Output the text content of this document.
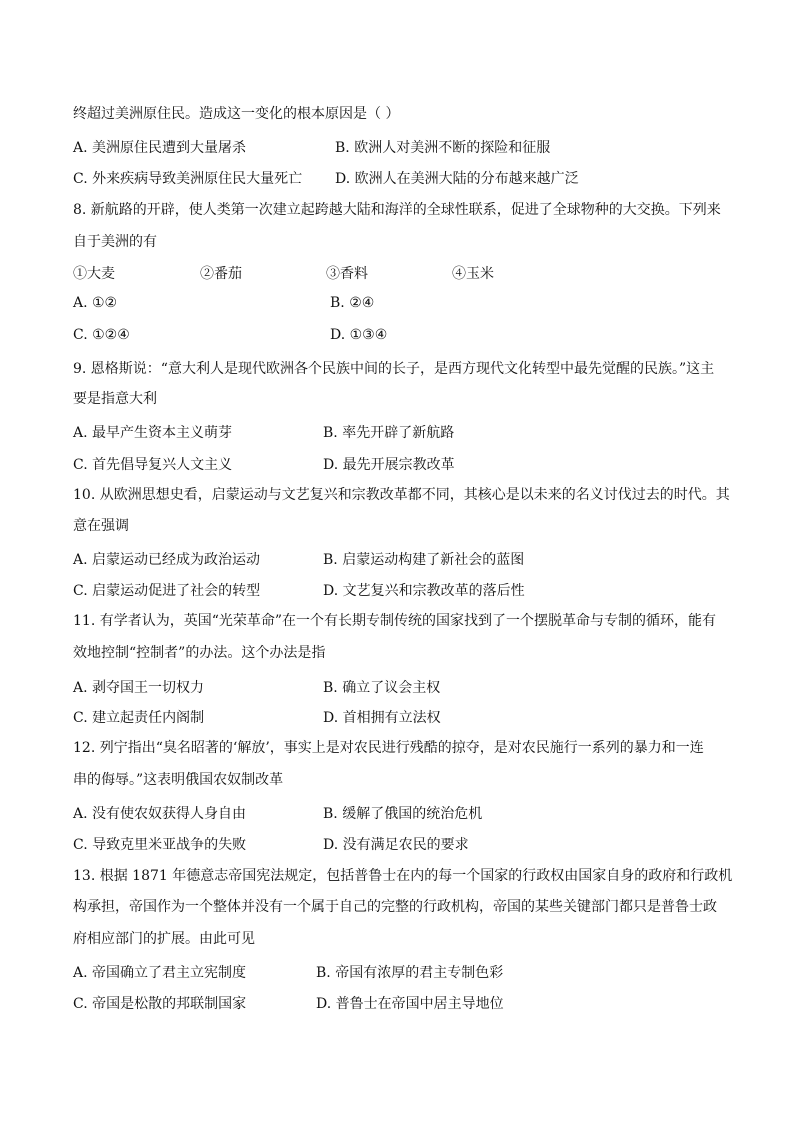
终超过美洲原住民。造成这一变化的根本原因是（ ）
A. 美洲原住民遭到大量屠杀	B. 欧洲人对美洲不断的探险和征服
C. 外来疾病导致美洲原住民大量死亡 D. 欧洲人在美洲大陆的分布越来越广泛
8. 新航路的开辟，使人类第一次建立起跨越大陆和海洋的全球性联系，促进了全球物种的大交换。下列来
自于美洲的有
①大麦	②番茄	③香料	④玉米
A. ①②	B. ②④
C. ①②④	D. ①③④
9. 恩格斯说：“意大利人是现代欧洲各个民族中间的长子，是西方现代文化转型中最先觉醒的民族。”这主
要是指意大利
A. 最早产生资本主义萌芽	B. 率先开辟了新航路
C. 首先倡导复兴人文主义	D. 最先开展宗教改革
10. 从欧洲思想史看，启蒙运动与文艺复兴和宗教改革都不同，其核心是以未来的名义讨伐过去的时代。其
意在强调
A. 启蒙运动已经成为政治运动	B. 启蒙运动构建了新社会的蓝图
C. 启蒙运动促进了社会的转型	D. 文艺复兴和宗教改革的落后性
11. 有学者认为，英国“光荣革命”在一个有长期专制传统的国家找到了一个摆脱革命与专制的循环，能有
效地控制“控制者”的办法。这个办法是指
A. 剥夺国王一切权力	B. 确立了议会主权
C. 建立起责任内阁制	D. 首相拥有立法权
12. 列宁指出“臭名昭著的‘解放’，事实上是对农民进行残酷的掠夺，是对农民施行一系列的暴力和一连
串的侮辱。”这表明俄国农奴制改革
A. 没有使农奴获得人身自由	B. 缓解了俄国的统治危机
C. 导致克里米亚战争的失败	D. 没有满足农民的要求
13. 根据 1871 年德意志帝国宪法规定，包括普鲁士在内的每一个国家的行政权由国家自身的政府和行政机
构承担，帝国作为一个整体并没有一个属于自己的完整的行政机构，帝国的某些关键部门都只是普鲁士政
府相应部门的扩展。由此可见
A. 帝国确立了君主立宪制度	B. 帝国有浓厚的君主专制色彩
C. 帝国是松散的邦联制国家	D. 普鲁士在帝国中居主导地位
